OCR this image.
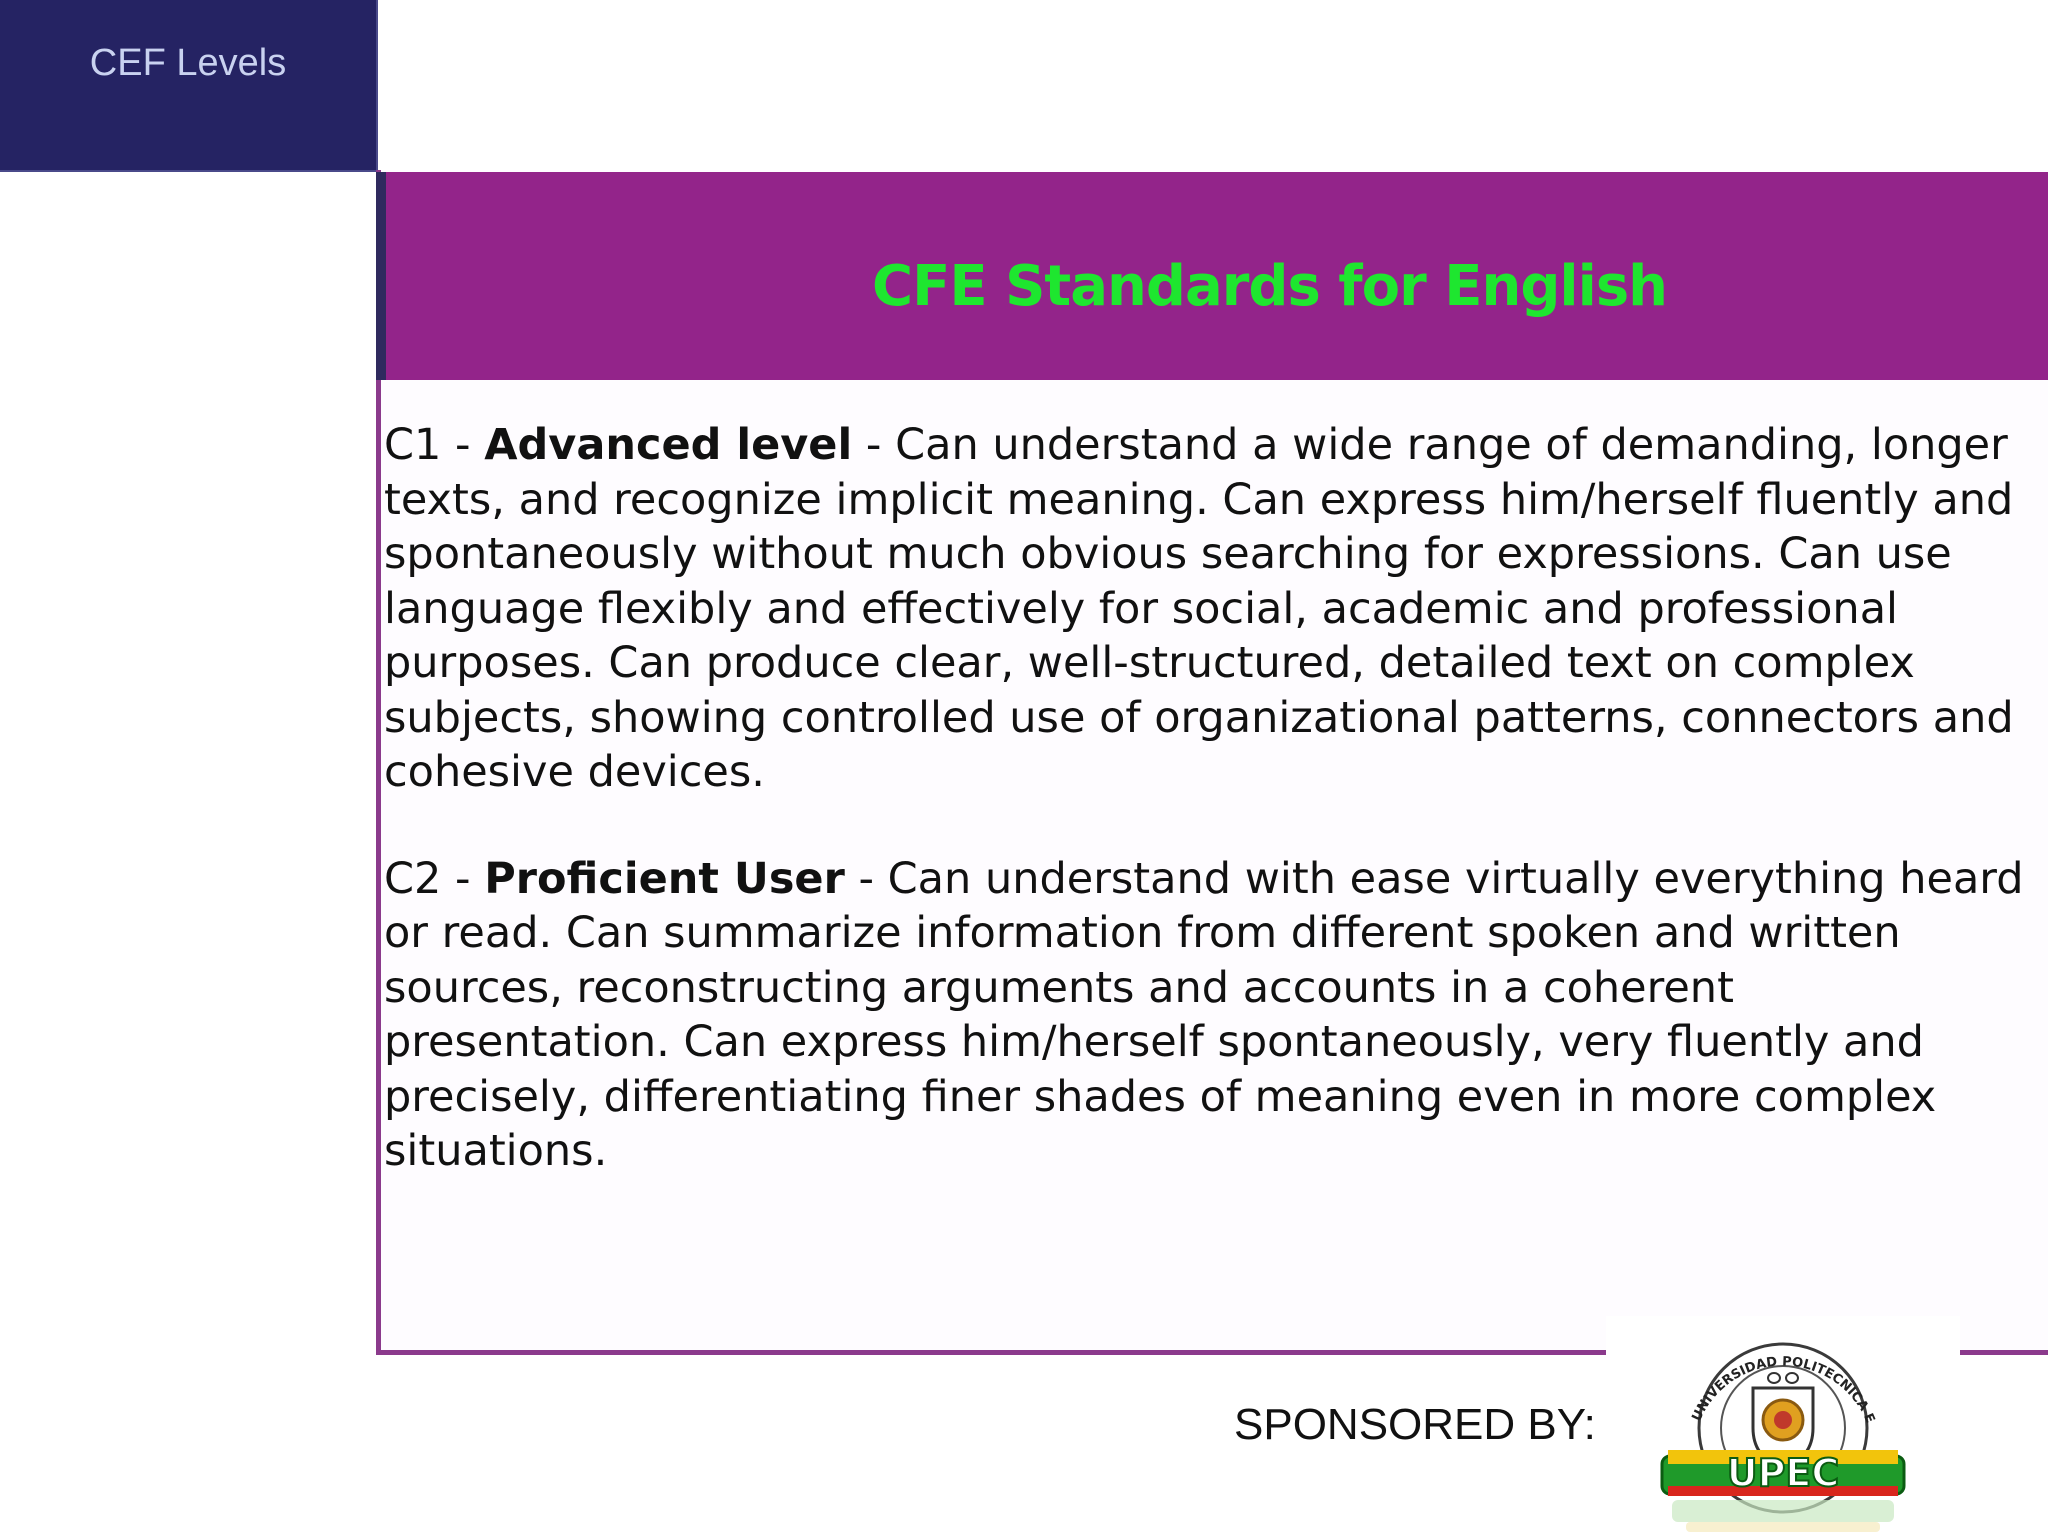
CEF Levels
CFE Standards for English

C1 - Advanced level - Can understand a wide range of demanding, longer texts, and recognize implicit meaning. Can express him/herself fluently and spontaneously without much obvious searching for expressions. Can use language flexibly and effectively for social, academic and professional purposes. Can produce clear, well-structured, detailed text on complex subjects, showing controlled use of organizational patterns, connectors and cohesive devices.

C2 - Proficient User - Can understand with ease virtually everything heard or read. Can summarize information from different spoken and written sources, reconstructing arguments and accounts in a coherent presentation. Can express him/herself spontaneously, very fluently and precisely, differentiating finer shades of meaning even in more complex situations.

SPONSORED BY:	UNIVERSIDAD POLITECNICA E
UPEC
